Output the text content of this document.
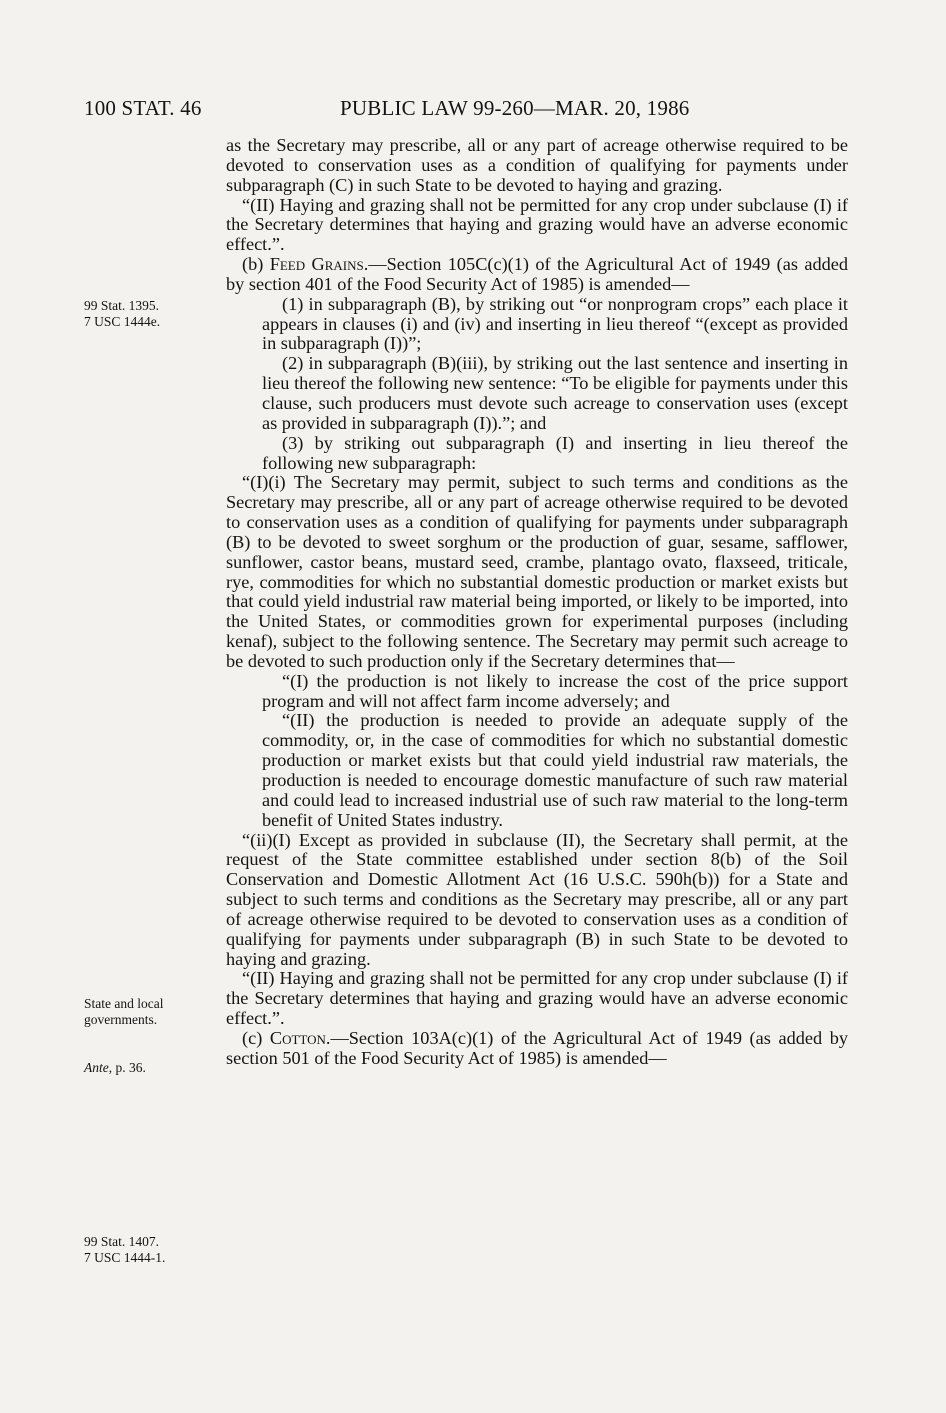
100 STAT. 46	PUBLIC LAW 99-260—MAR. 20, 1986
99 Stat. 1395.
7 USC 1444e.
State and local
governments.
Ante, p. 36.
99 Stat. 1407.
7 USC 1444-1.

as the Secretary may prescribe, all or any part of acreage otherwise required to be devoted to conservation uses as a condition of qualifying for payments under subparagraph (C) in such State to be devoted to haying and grazing.

“(II) Haying and grazing shall not be permitted for any crop under subclause (I) if the Secretary determines that haying and grazing would have an adverse economic effect.”.

(b) Feed Grains.—Section 105C(c)(1) of the Agricultural Act of 1949 (as added by section 401 of the Food Security Act of 1985) is amended—

(1) in subparagraph (B), by striking out “or nonprogram crops” each place it appears in clauses (i) and (iv) and inserting in lieu thereof “(except as provided in subparagraph (I))”;

(2) in subparagraph (B)(iii), by striking out the last sentence and inserting in lieu thereof the following new sentence: “To be eligible for payments under this clause, such producers must devote such acreage to conservation uses (except as provided in subparagraph (I)).”; and

(3) by striking out subparagraph (I) and inserting in lieu thereof the following new subparagraph:

“(I)(i) The Secretary may permit, subject to such terms and conditions as the Secretary may prescribe, all or any part of acreage otherwise required to be devoted to conservation uses as a condition of qualifying for payments under subparagraph (B) to be devoted to sweet sorghum or the production of guar, sesame, safflower, sunflower, castor beans, mustard seed, crambe, plantago ovato, flaxseed, triticale, rye, commodities for which no substantial domestic production or market exists but that could yield industrial raw material being imported, or likely to be imported, into the United States, or commodities grown for experimental purposes (including kenaf), subject to the following sentence. The Secretary may permit such acreage to be devoted to such production only if the Secretary determines that—

“(I) the production is not likely to increase the cost of the price support program and will not affect farm income adversely; and

“(II) the production is needed to provide an adequate supply of the commodity, or, in the case of commodities for which no substantial domestic production or market exists but that could yield industrial raw materials, the production is needed to encourage domestic manufacture of such raw material and could lead to increased industrial use of such raw material to the long-term benefit of United States industry.

“(ii)(I) Except as provided in subclause (II), the Secretary shall permit, at the request of the State committee established under section 8(b) of the Soil Conservation and Domestic Allotment Act (16 U.S.C. 590h(b)) for a State and subject to such terms and conditions as the Secretary may prescribe, all or any part of acreage otherwise required to be devoted to conservation uses as a condition of qualifying for payments under subparagraph (B) in such State to be devoted to haying and grazing.

“(II) Haying and grazing shall not be permitted for any crop under subclause (I) if the Secretary determines that haying and grazing would have an adverse economic effect.”.

(c) Cotton.—Section 103A(c)(1) of the Agricultural Act of 1949 (as added by section 501 of the Food Security Act of 1985) is amended—
